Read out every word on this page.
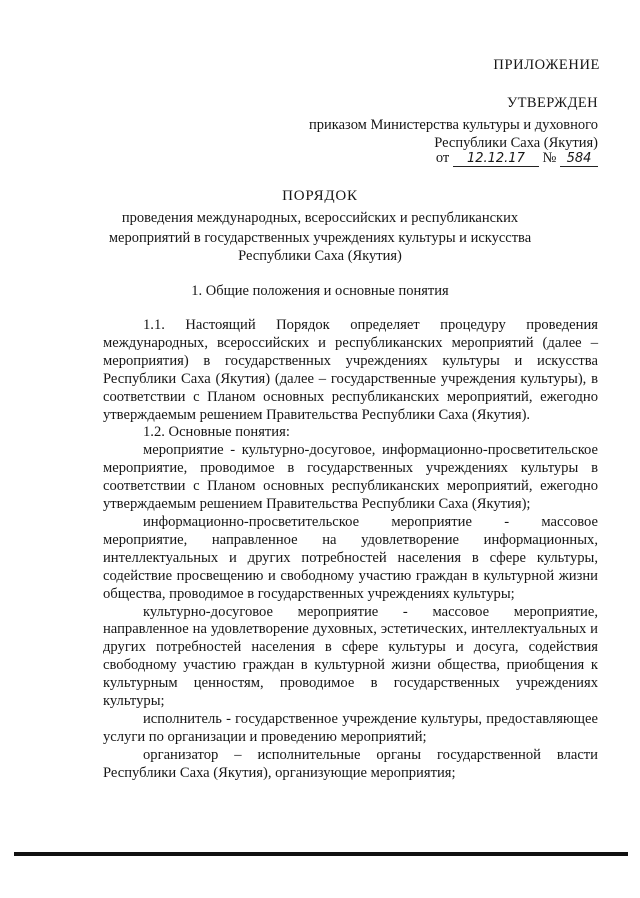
ПРИЛОЖЕНИЕ
УТВЕРЖДЕН
приказом Министерства культуры и духовного
Республики Саха (Якутия)
от 12.12.17 № 584
ПОРЯДОК
проведения международных, всероссийских и республиканских
мероприятий в государственных учреждениях культуры и искусства
Республики Саха (Якутия)
1. Общие положения и основные понятия

1.1. Настоящий Порядок определяет процедуру проведения международных, всероссийских и республиканских мероприятий (далее – мероприятия) в государственных учреждениях культуры и искусства Республики Саха (Якутия) (далее – государственные учреждения культуры), в соответствии с Планом основных республиканских мероприятий, ежегодно утверждаемым решением Правительства Республики Саха (Якутия).

1.2. Основные понятия:

мероприятие - культурно-досуговое, информационно-просветительское мероприятие, проводимое в государственных учреждениях культуры в соответствии с Планом основных республиканских мероприятий, ежегодно утверждаемым решением Правительства Республики Саха (Якутия);

информационно-просветительское мероприятие - массовое мероприятие, направленное на удовлетворение информационных, интеллектуальных и других потребностей населения в сфере культуры, содействие просвещению и свободному участию граждан в культурной жизни общества, проводимое в государственных учреждениях культуры;

культурно-досуговое мероприятие - массовое мероприятие, направленное на удовлетворение духовных, эстетических, интеллектуальных и других потребностей населения в сфере культуры и досуга, содействия свободному участию граждан в культурной жизни общества, приобщения к культурным ценностям, проводимое в государственных учреждениях культуры;

исполнитель - государственное учреждение культуры, предоставляющее услуги по организации и проведению мероприятий;

организатор – исполнительные органы государственной власти Республики Саха (Якутия), организующие мероприятия;
